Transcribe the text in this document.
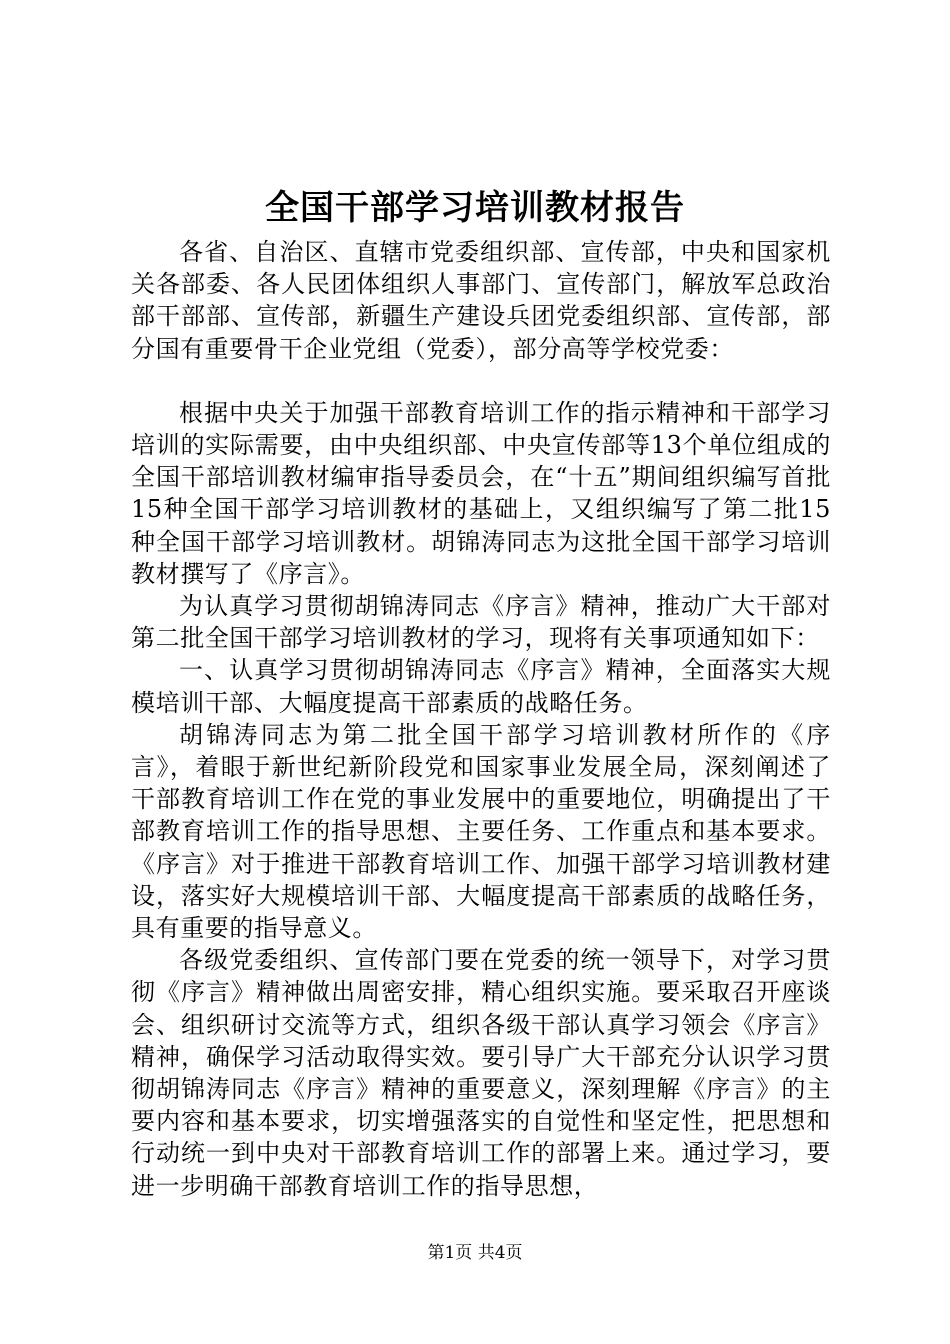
全国干部学习培训教材报告

各省、自治区、直辖市党委组织部、宣传部，中央和国家机关各部委、各人民团体组织人事部门、宣传部门，解放军总政治部干部部、宣传部，新疆生产建设兵团党委组织部、宣传部，部分国有重要骨干企业党组（党委），部分高等学校党委：

根据中央关于加强干部教育培训工作的指示精神和干部学习培训的实际需要，由中央组织部、中央宣传部等13个单位组成的全国干部培训教材编审指导委员会，在“十五”期间组织编写首批15种全国干部学习培训教材的基础上，又组织编写了第二批15种全国干部学习培训教材。胡锦涛同志为这批全国干部学习培训教材撰写了《序言》。

为认真学习贯彻胡锦涛同志《序言》精神，推动广大干部对第二批全国干部学习培训教材的学习，现将有关事项通知如下：

一、认真学习贯彻胡锦涛同志《序言》精神，全面落实大规模培训干部、大幅度提高干部素质的战略任务。

胡锦涛同志为第二批全国干部学习培训教材所作的《序言》，着眼于新世纪新阶段党和国家事业发展全局，深刻阐述了干部教育培训工作在党的事业发展中的重要地位，明确提出了干部教育培训工作的指导思想、主要任务、工作重点和基本要求。《序言》对于推进干部教育培训工作、加强干部学习培训教材建设，落实好大规模培训干部、大幅度提高干部素质的战略任务，具有重要的指导意义。

各级党委组织、宣传部门要在党委的统一领导下，对学习贯彻《序言》精神做出周密安排，精心组织实施。要采取召开座谈会、组织研讨交流等方式，组织各级干部认真学习领会《序言》精神，确保学习活动取得实效。要引导广大干部充分认识学习贯彻胡锦涛同志《序言》精神的重要意义，深刻理解《序言》的主要内容和基本要求，切实增强落实的自觉性和坚定性，把思想和行动统一到中央对干部教育培训工作的部署上来。通过学习，要进一步明确干部教育培训工作的指导思想，

第1页 共4页
